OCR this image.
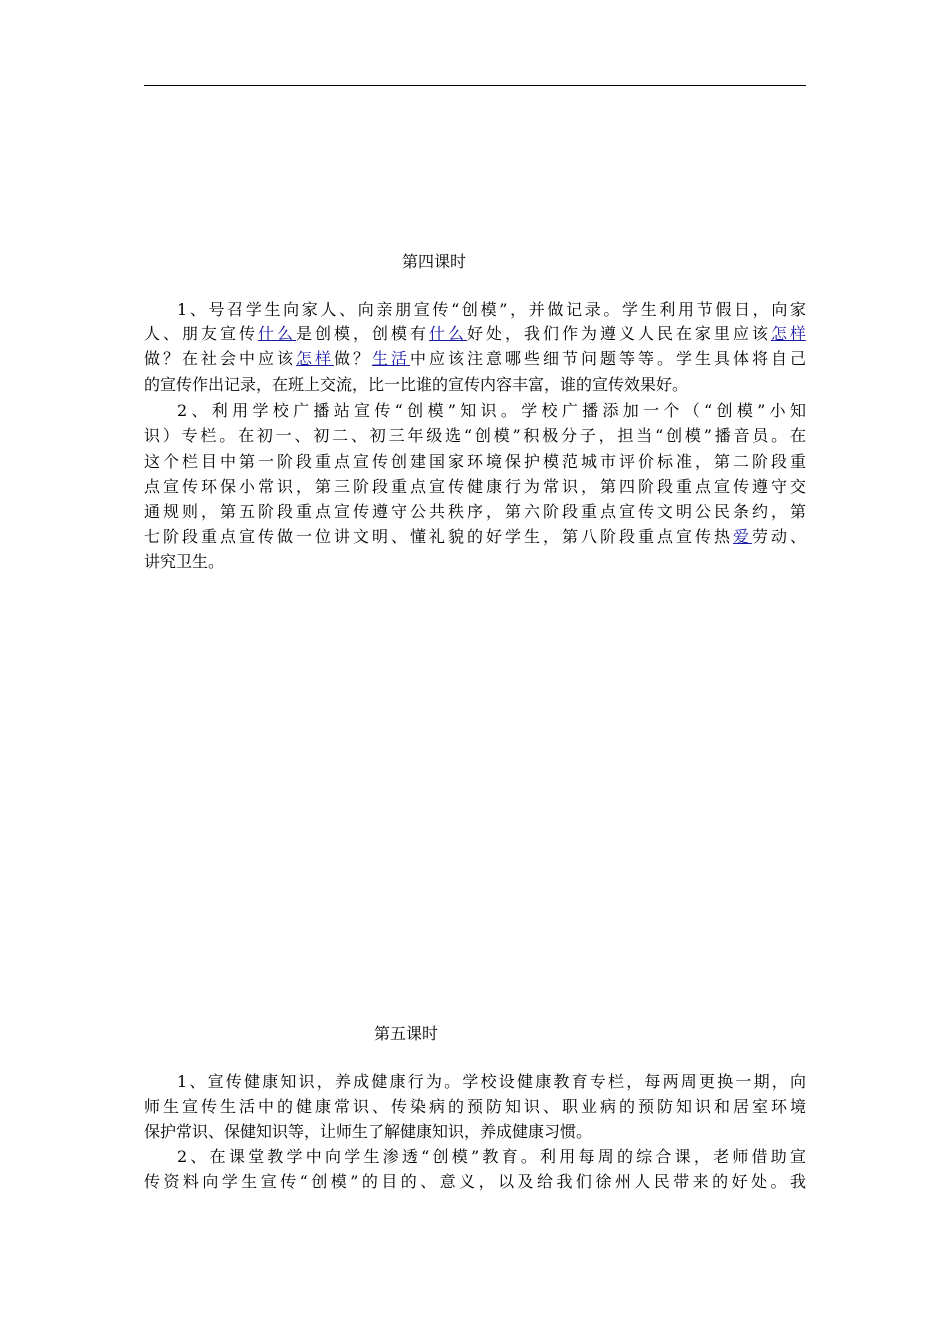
第四课时
1、号召学生向家人、向亲朋宣传“创模”，并做记录。学生利用节假日，向家
人、朋友宣传什么是创模，创模有什么好处，我们作为遵义人民在家里应该怎样
做？在社会中应该怎样做？生活中应该注意哪些细节问题等等。学生具体将自己
的宣传作出记录，在班上交流，比一比谁的宣传内容丰富，谁的宣传效果好。
2、利用学校广播站宣传“创模”知识。学校广播添加一个（“创模”小知
识）专栏。在初一、初二、初三年级选“创模”积极分子，担当“创模”播音员。在
这个栏目中第一阶段重点宣传创建国家环境保护模范城市评价标准，第二阶段重
点宣传环保小常识，第三阶段重点宣传健康行为常识，第四阶段重点宣传遵守交
通规则，第五阶段重点宣传遵守公共秩序，第六阶段重点宣传文明公民条约，第
七阶段重点宣传做一位讲文明、懂礼貌的好学生，第八阶段重点宣传热爱劳动、
讲究卫生。
第五课时
1、宣传健康知识，养成健康行为。学校设健康教育专栏，每两周更换一期，向
师生宣传生活中的健康常识、传染病的预防知识、职业病的预防知识和居室环境
保护常识、保健知识等，让师生了解健康知识，养成健康习惯。
2、在课堂教学中向学生渗透“创模”教育。利用每周的综合课，老师借助宣
传资料向学生宣传“创模”的目的、意义，以及给我们徐州人民带来的好处。我
